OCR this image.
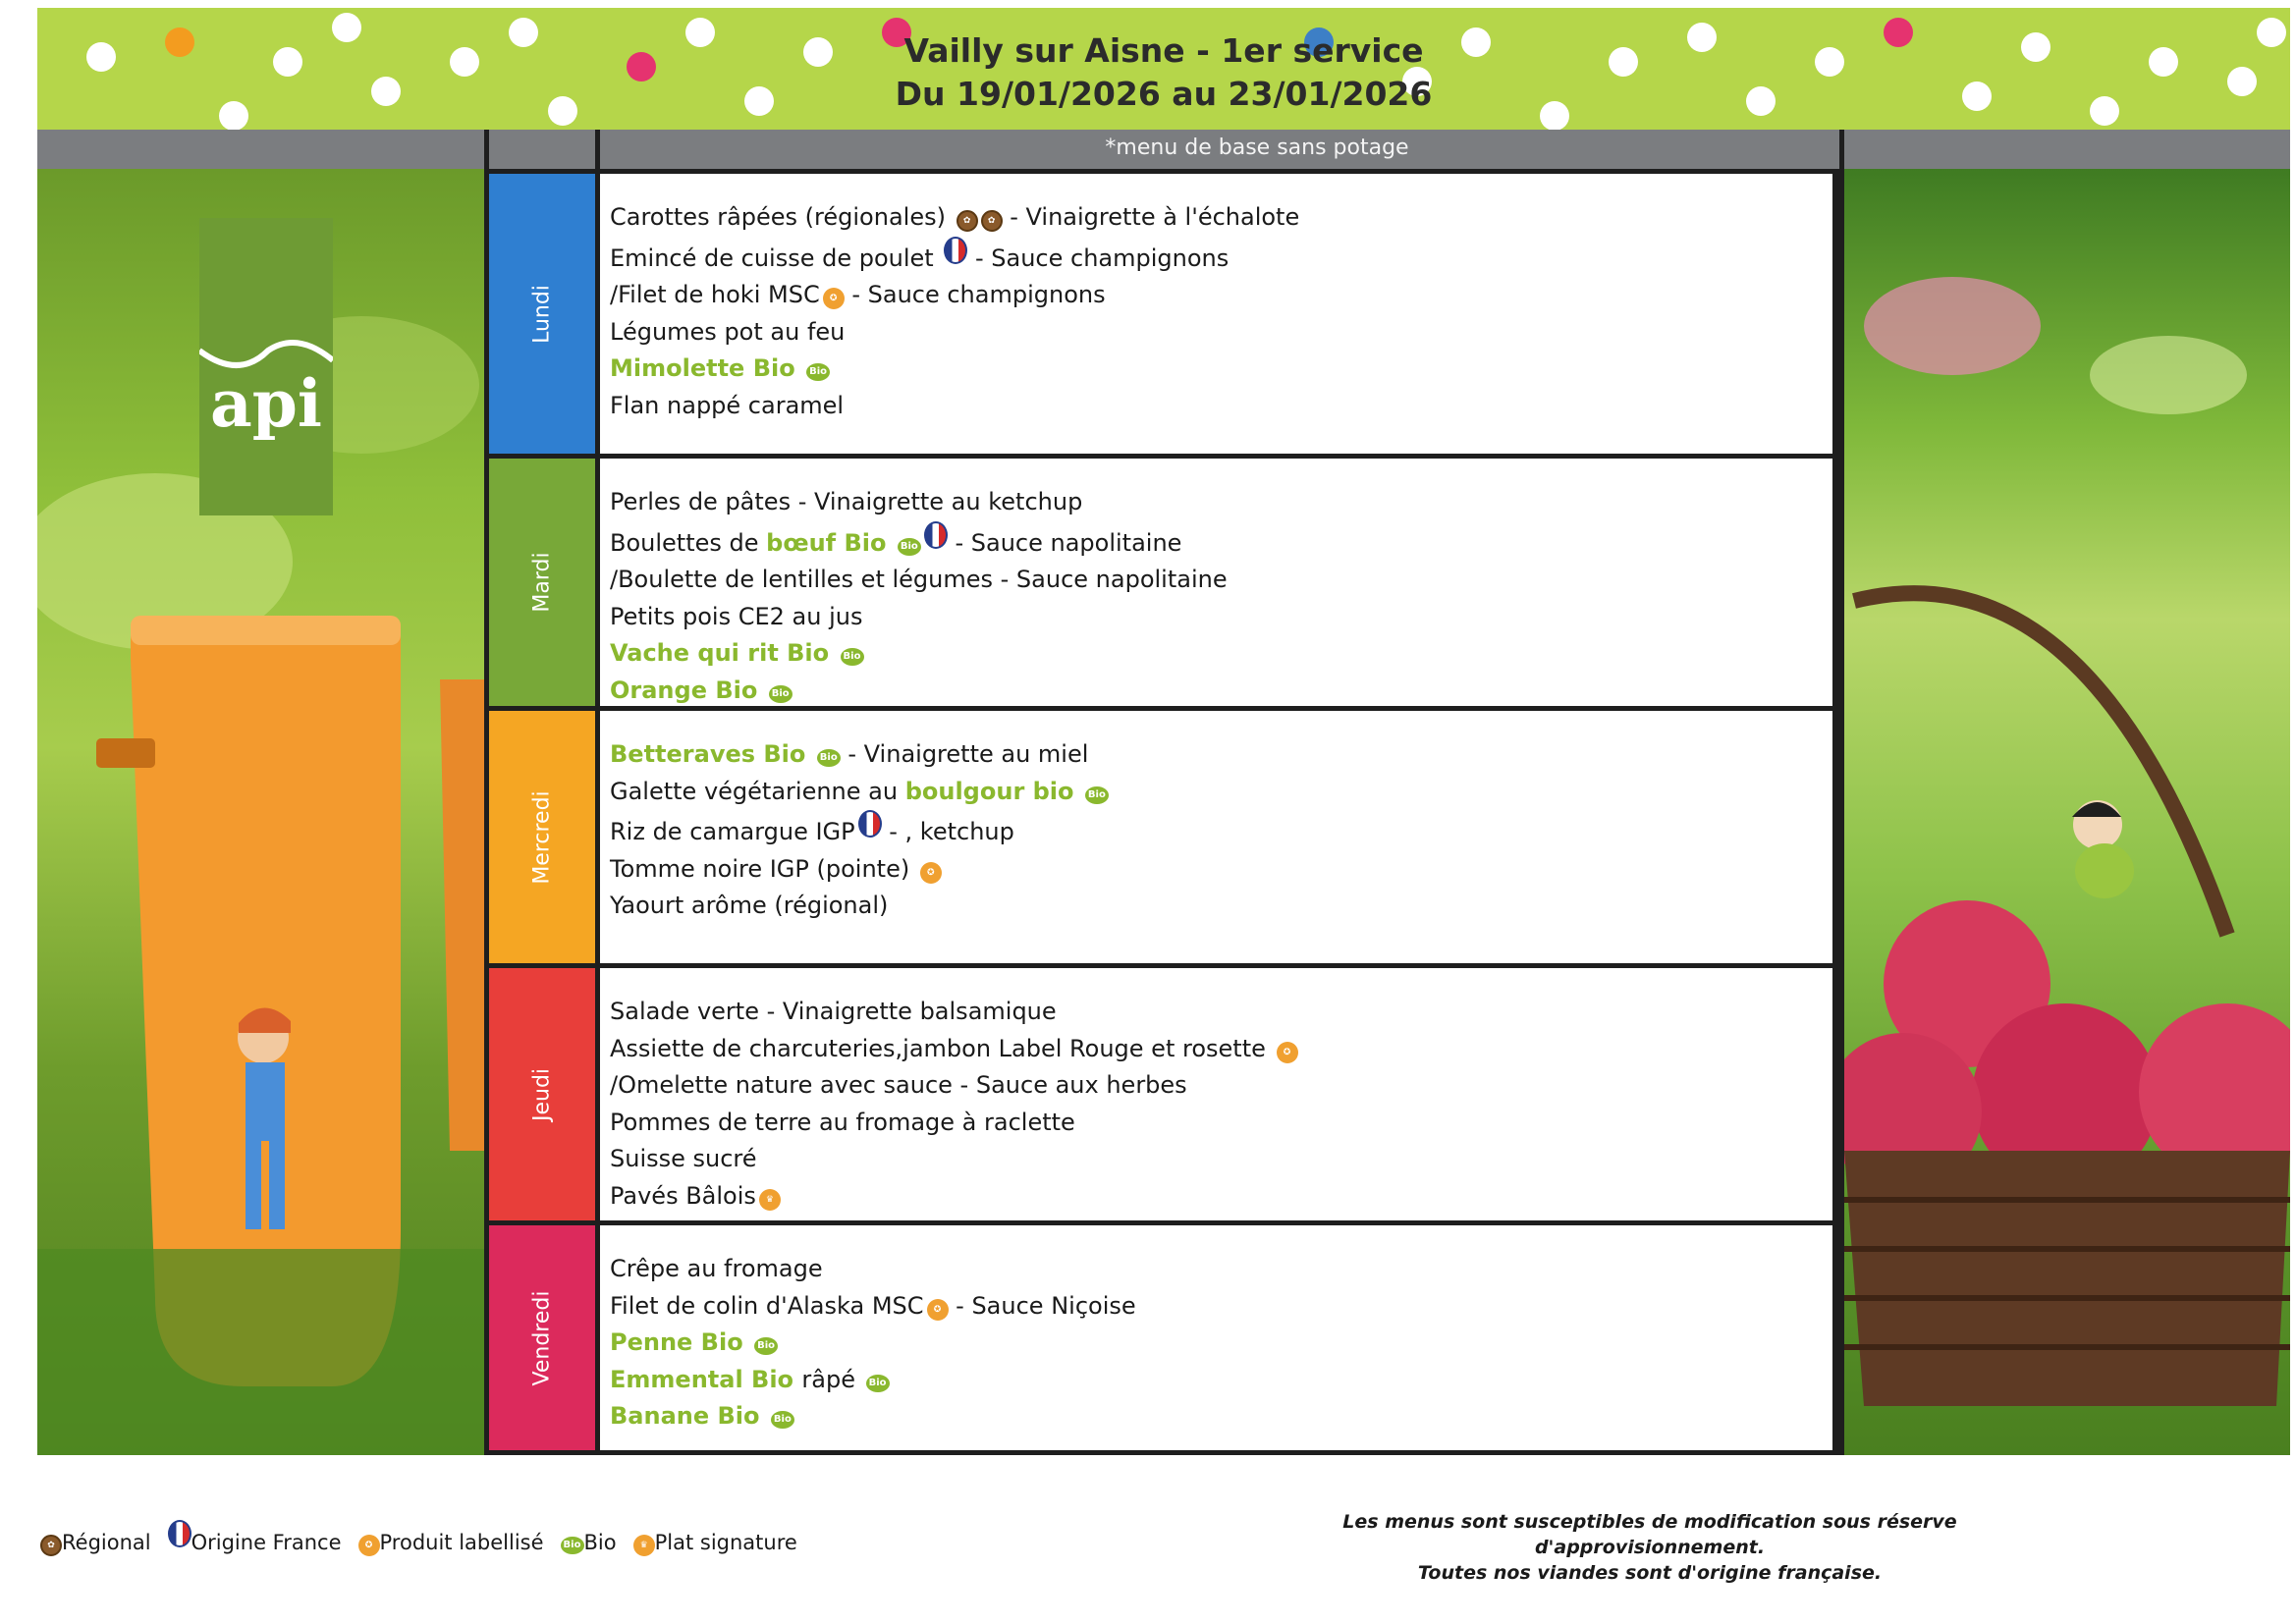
Vailly sur Aisne - 1er service
Du 19/01/2026 au 23/01/2026
*menu de base sans potage
api
Lundi
Carottes râpées (régionales) ✿ ✿ - Vinaigrette à l'échalote
Emincé de cuisse de poulet  - Sauce champignons
/Filet de hoki MSC ✪ - Sauce champignons
Légumes pot au feu
Mimolette Bio Bio
Flan nappé caramel
Mardi
Perles de pâtes - Vinaigrette au ketchup
Boulettes de bœuf Bio Bio - Sauce napolitaine
/Boulette de lentilles et légumes - Sauce napolitaine
Petits pois CE2 au jus
Vache qui rit Bio Bio
Orange Bio Bio
Mercredi
Betteraves Bio Bio - Vinaigrette au miel
Galette végétarienne au boulgour bio Bio
Riz de camargue IGP - , ketchup
Tomme noire IGP (pointe) ✪
Yaourt arôme (régional)
Jeudi
Salade verte - Vinaigrette balsamique
Assiette de charcuteries,jambon Label Rouge et rosette ✪
/Omelette nature avec sauce - Sauce aux herbes
Pommes de terre au fromage à raclette
Suisse sucré
Pavés Bâlois ♛
Vendredi
Crêpe au fromage
Filet de colin d'Alaska MSC ✪ - Sauce Niçoise
Penne Bio Bio
Emmental Bio râpé Bio
Banane Bio Bio
✿ Régional Origine France	✪ Produit labellisé Bio Bio	♛ Plat signature
Les menus sont susceptibles de modification sous réserve d'approvisionnement.
Toutes nos viandes sont d'origine française.
